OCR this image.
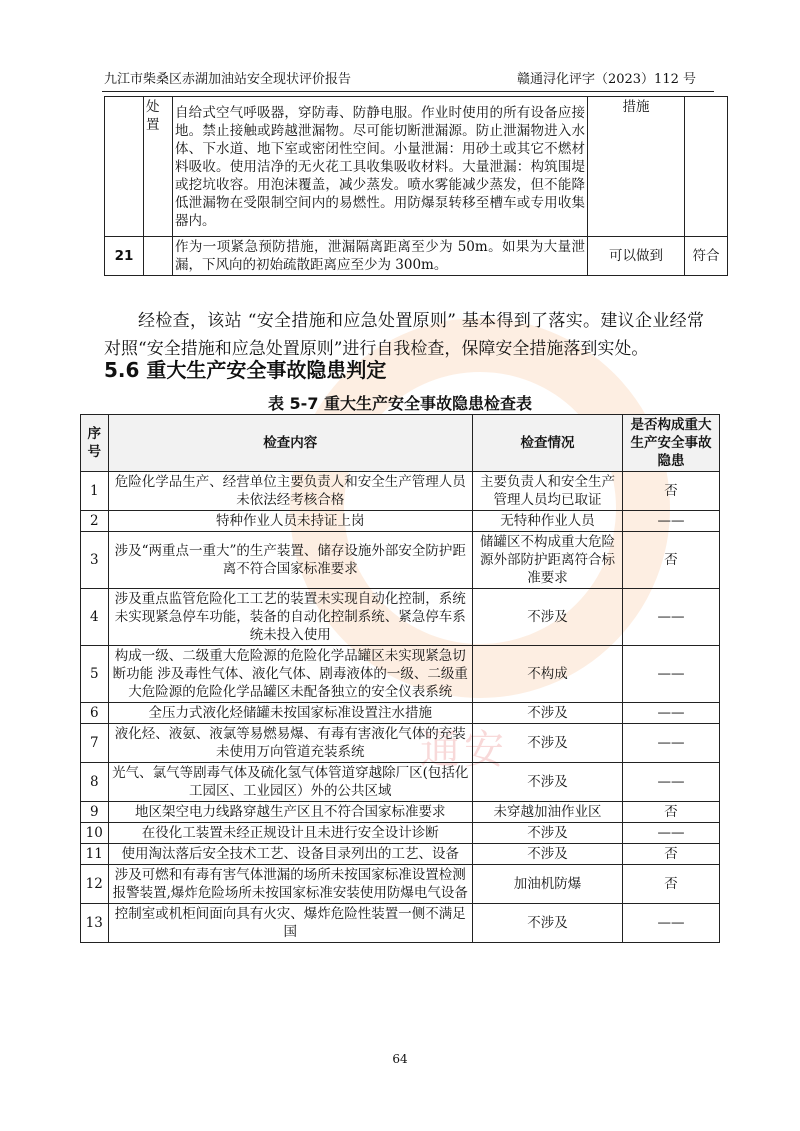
九江市柴桑区赤湖加油站安全现状评价报告	赣通浔化评字（2023）112 号
通安
	处置	自给式空气呼吸器，穿防毒、防静电服。作业时使用的所有设备应接地。禁止接触或跨越泄漏物。尽可能切断泄漏源。防止泄漏物进入水体、下水道、地下室或密闭性空间。小量泄漏：用砂土或其它不燃材料吸收。使用洁净的无火花工具收集吸收材料。大量泄漏：构筑围堤或挖坑收容。用泡沫覆盖，减少蒸发。喷水雾能减少蒸发，但不能降低泄漏物在受限制空间内的易燃性。用防爆泵转移至槽车或专用收集器内。	措施	
21		作为一项紧急预防措施，泄漏隔离距离至少为 50m。如果为大量泄漏，下风向的初始疏散距离应至少为 300m。	可以做到	符合

经检查，该站 “安全措施和应急处置原则” 基本得到了落实。建议企业经常对照“安全措施和应急处置原则”进行自我检查，保障安全措施落到实处。

5.6 重大生产安全事故隐患判定
表 5-7 重大生产安全事故隐患检查表
序号	检查内容	检查情况	是否构成重大生产安全事故隐患
1	危险化学品生产、经营单位主要负责人和安全生产管理人员未依法经考核合格	主要负责人和安全生产管理人员均已取证	否
2	特种作业人员未持证上岗	无特种作业人员	——
3	涉及“两重点一重大”的生产装置、储存设施外部安全防护距离不符合国家标准要求	储罐区不构成重大危险源外部防护距离符合标准要求	否
4	涉及重点监管危险化工工艺的装置未实现自动化控制，系统未实现紧急停车功能，装备的自动化控制系统、紧急停车系统未投入使用	不涉及	——
5	构成一级、二级重大危险源的危险化学品罐区未实现紧急切断功能 涉及毒性气体、液化气体、剧毒液体的一级、二级重大危险源的危险化学品罐区未配备独立的安全仪表系统	不构成	——
6	全压力式液化烃储罐未按国家标准设置注水措施	不涉及	——
7	液化烃、液氨、液氯等易燃易爆、有毒有害液化气体的充装未使用万向管道充装系统	不涉及	——
8	光气、氯气等剧毒气体及硫化氢气体管道穿越除厂区(包括化工园区、工业园区）外的公共区域	不涉及	——
9	地区架空电力线路穿越生产区且不符合国家标准要求	未穿越加油作业区	否
10	在役化工装置未经正规设计且未进行安全设计诊断	不涉及	——
11	使用淘汰落后安全技术工艺、设备目录列出的工艺、设备	不涉及	否
12	涉及可燃和有毒有害气体泄漏的场所未按国家标准设置检测报警装置,爆炸危险场所未按国家标准安装使用防爆电气设备	加油机防爆	否
13	控制室或机柜间面向具有火灾、爆炸危险性装置一侧不满足国	不涉及	——
64
